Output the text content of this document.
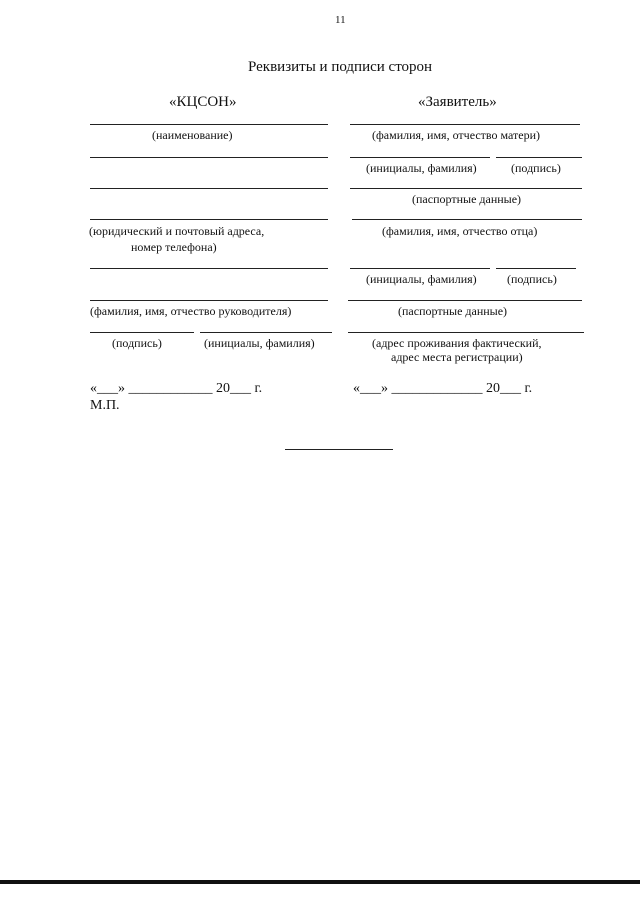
11
Реквизиты и подписи сторон
«КЦСОН»
(наименование)
(юридический и почтовый адреса,
номер телефона)
(фамилия, имя, отчество руководителя)
(подпись)	(инициалы, фамилия)
«___» ____________ 20___ г.
М.П.
«Заявитель»
(фамилия, имя, отчество матери)
(инициалы, фамилия)	(подпись)
(паспортные данные)
(фамилия, имя, отчество отца)
(инициалы, фамилия)	(подпись)
(паспортные данные)
(адрес проживания фактический,
адрес места регистрации)
«___» _____________ 20___ г.
